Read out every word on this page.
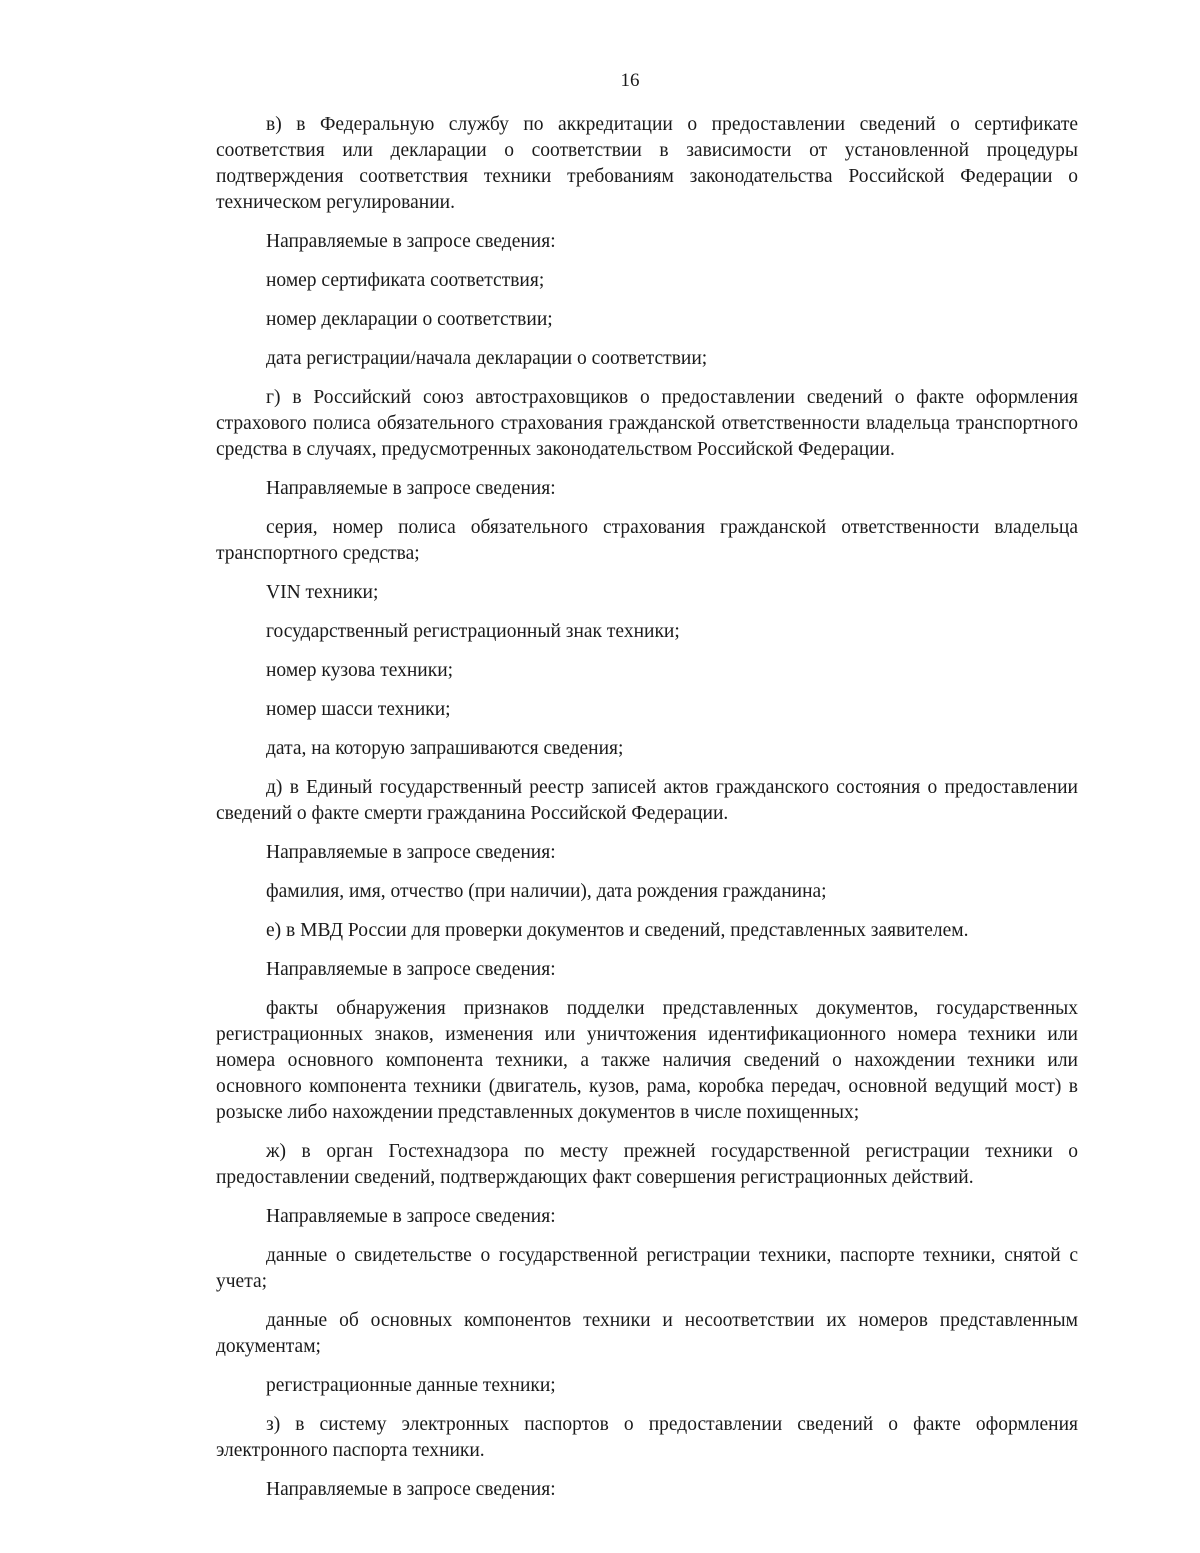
16

в) в Федеральную службу по аккредитации о предоставлении сведений о сертификате соответствия или декларации о соответствии в зависимости от установленной процедуры подтверждения соответствия техники требованиям законодательства Российской Федерации о техническом регулировании.

Направляемые в запросе сведения:

номер сертификата соответствия;

номер декларации о соответствии;

дата регистрации/начала декларации о соответствии;

г) в Российский союз автостраховщиков о предоставлении сведений о факте оформления страхового полиса обязательного страхования гражданской ответственности владельца транспортного средства в случаях, предусмотренных законодательством Российской Федерации.

Направляемые в запросе сведения:

серия, номер полиса обязательного страхования гражданской ответственности владельца транспортного средства;

VIN техники;

государственный регистрационный знак техники;

номер кузова техники;

номер шасси техники;

дата, на которую запрашиваются сведения;

д) в Единый государственный реестр записей актов гражданского состояния о предоставлении сведений о факте смерти гражданина Российской Федерации.

Направляемые в запросе сведения:

фамилия, имя, отчество (при наличии), дата рождения гражданина;

е) в МВД России для проверки документов и сведений, представленных заявителем.

Направляемые в запросе сведения:

факты обнаружения признаков подделки представленных документов, государственных регистрационных знаков, изменения или уничтожения идентификационного номера техники или номера основного компонента техники, а также наличия сведений о нахождении техники или основного компонента техники (двигатель, кузов, рама, коробка передач, основной ведущий мост) в розыске либо нахождении представленных документов в числе похищенных;

ж) в орган Гостехнадзора по месту прежней государственной регистрации техники о предоставлении сведений, подтверждающих факт совершения регистрационных действий.

Направляемые в запросе сведения:

данные о свидетельстве о государственной регистрации техники, паспорте техники, снятой с учета;

данные об основных компонентов техники и несоответствии их номеров представленным документам;

регистрационные данные техники;

з) в систему электронных паспортов о предоставлении сведений о факте оформления электронного паспорта техники.

Направляемые в запросе сведения:
